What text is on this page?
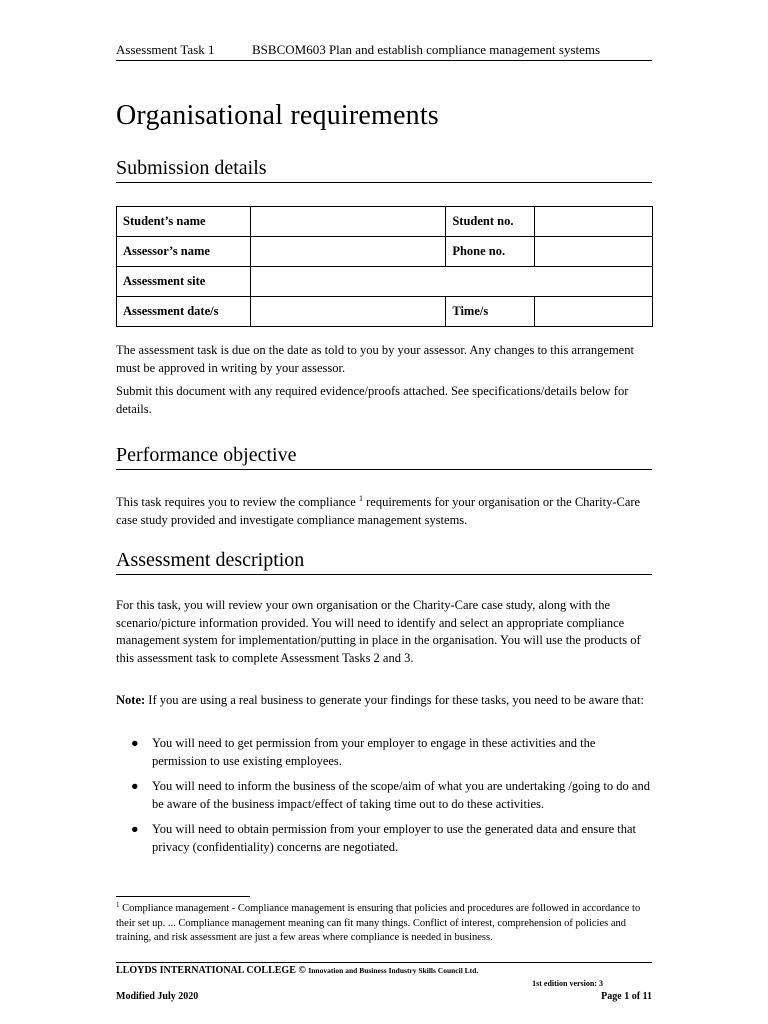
Assessment Task 1	BSBCOM603 Plan and establish compliance management systems
Organisational requirements
Submission details
Student’s name		Student no.	
Assessor’s name		Phone no.	
Assessment site			
Assessment date/s		Time/s	

The assessment task is due on the date as told to you by your assessor. Any changes to this arrangement must be approved in writing by your assessor.

Submit this document with any required evidence/proofs attached. See specifications/details below for details.

Performance objective

This task requires you to review the compliance $^1$ requirements for your organisation or the Charity-Care case study provided and investigate compliance management systems.

Assessment description

For this task, you will review your own organisation or the Charity-Care case study, along with the scenario/picture information provided. You will need to identify and select an appropriate compliance management system for implementation/putting in place in the organisation. You will use the products of this assessment task to complete Assessment Tasks 2 and 3.

Note: If you are using a real business to generate your findings for these tasks, you need to be aware that:

● You will need to get permission from your employer to engage in these activities and the permission to use existing employees.
● You will need to inform the business of the scope/aim of what you are undertaking /going to do and be aware of the business impact/effect of taking time out to do these activities.
● You will need to obtain permission from your employer to use the generated data and ensure that privacy (confidentiality) concerns are negotiated.

$^1$ Compliance management - Compliance management is ensuring that policies and procedures are followed in accordance to their set up. ... Compliance management meaning can fit many things. Conflict of interest, comprehension of policies and training, and risk assessment are just a few areas where compliance is needed in business.

LLOYDS INTERNATIONAL COLLEGE © Innovation and Business Industry Skills Council Ltd.
1st edition version: 3
Modified July 2020	Page 1 of 11
